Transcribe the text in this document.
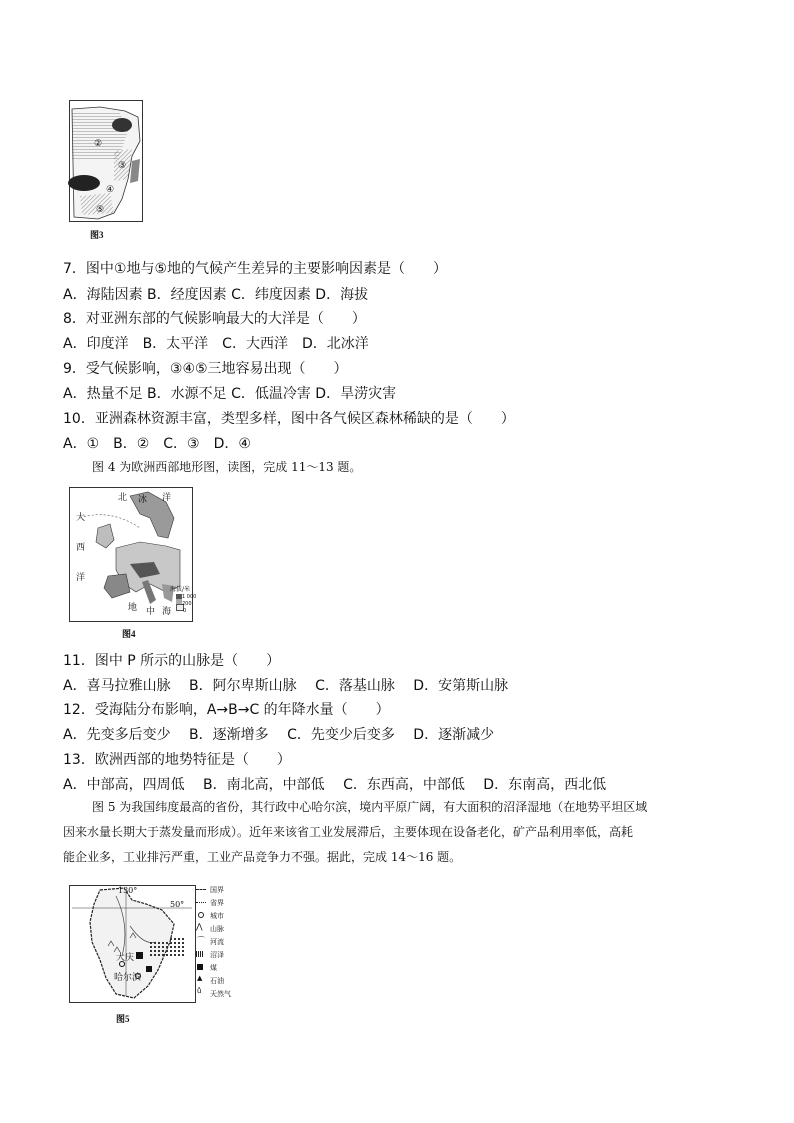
②
③
④
⑤
图3
7．图中①地与⑤地的气候产生差异的主要影响因素是（　　）
A．海陆因素 B．经度因素 C．纬度因素 D．海拔
8．对亚洲东部的气候影响最大的大洋是（　　）
A．印度洋　B．太平洋　C．大西洋　D．北冰洋
9．受气候影响，③④⑤三地容易出现（　　）
A．热量不足 B．水源不足 C．低温冷害 D．旱涝灾害
10．亚洲森林资源丰富，类型多样，图中各气候区森林稀缺的是（　　）
A．①　B．②　C．③　D．④
图 4 为欧洲西部地形图，读图，完成 11～13 题。
北 冰 洋
大
西
洋
地 中 海
海拔/米
1 000
200
0
图4
11．图中 P 所示的山脉是（　　）
A．喜马拉雅山脉　 B．阿尔卑斯山脉　 C．落基山脉　 D．安第斯山脉
12．受海陆分布影响，A→B→C 的年降水量（　　）
A．先变多后变少　 B．逐渐增多　 C．先变少后变多　 D．逐渐减少
13．欧洲西部的地势特征是（　　）
A．中部高，四周低　 B．南北高，中部低　 C．东西高，中部低　 D．东南高，西北低
图 5 为我国纬度最高的省份，其行政中心哈尔滨，境内平原广阔，有大面积的沼泽湿地（在地势平坦区域
因来水量长期大于蒸发量而形成）。近年来该省工业发展滞后，主要体现在设备老化，矿产品利用率低，高耗
能企业多，工业排污严重，工业产品竞争力不强。据此，完成 14～16 题。
130°
50°
大庆
哈尔滨
国界
省界
城市
⋀ 山脉
⌒ 河流
沼泽
煤
▲ 石油
ů 天然气
图5
